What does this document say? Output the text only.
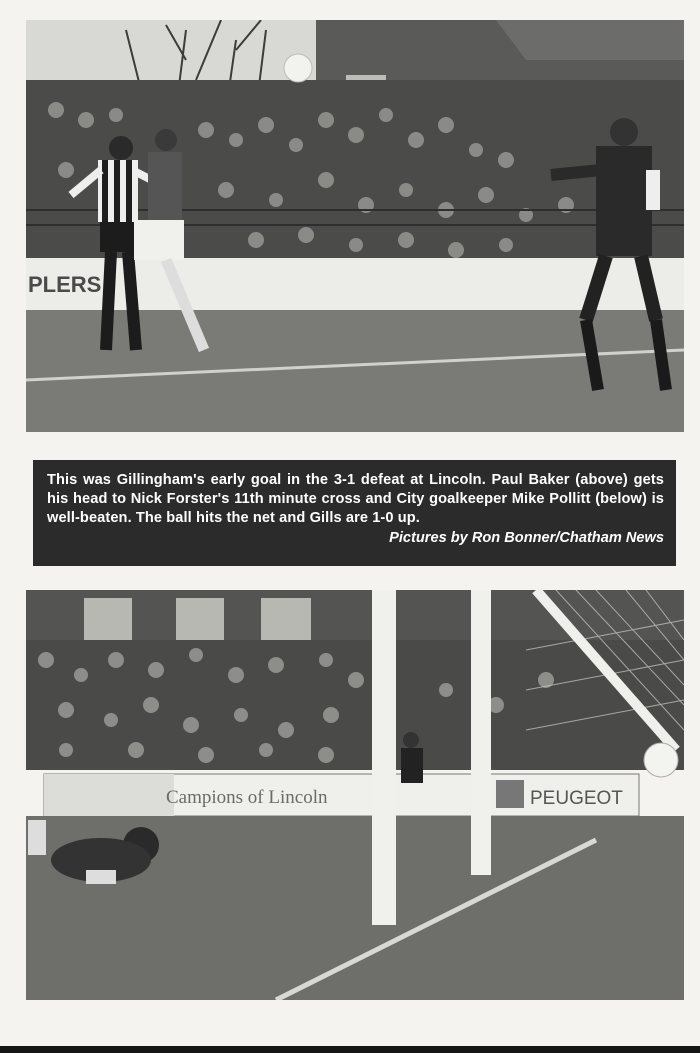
PLERS

This was Gillingham's early goal in the 3-1 defeat at Lincoln. Paul Baker (above) gets his head to Nick Forster's 11th minute cross and City goalkeeper Mike Pollitt (below) is well-beaten. The ball hits the net and Gills are 1-0 up.

Pictures by Ron Bonner/Chatham News

Campions of Lincoln	PEUGEOT
